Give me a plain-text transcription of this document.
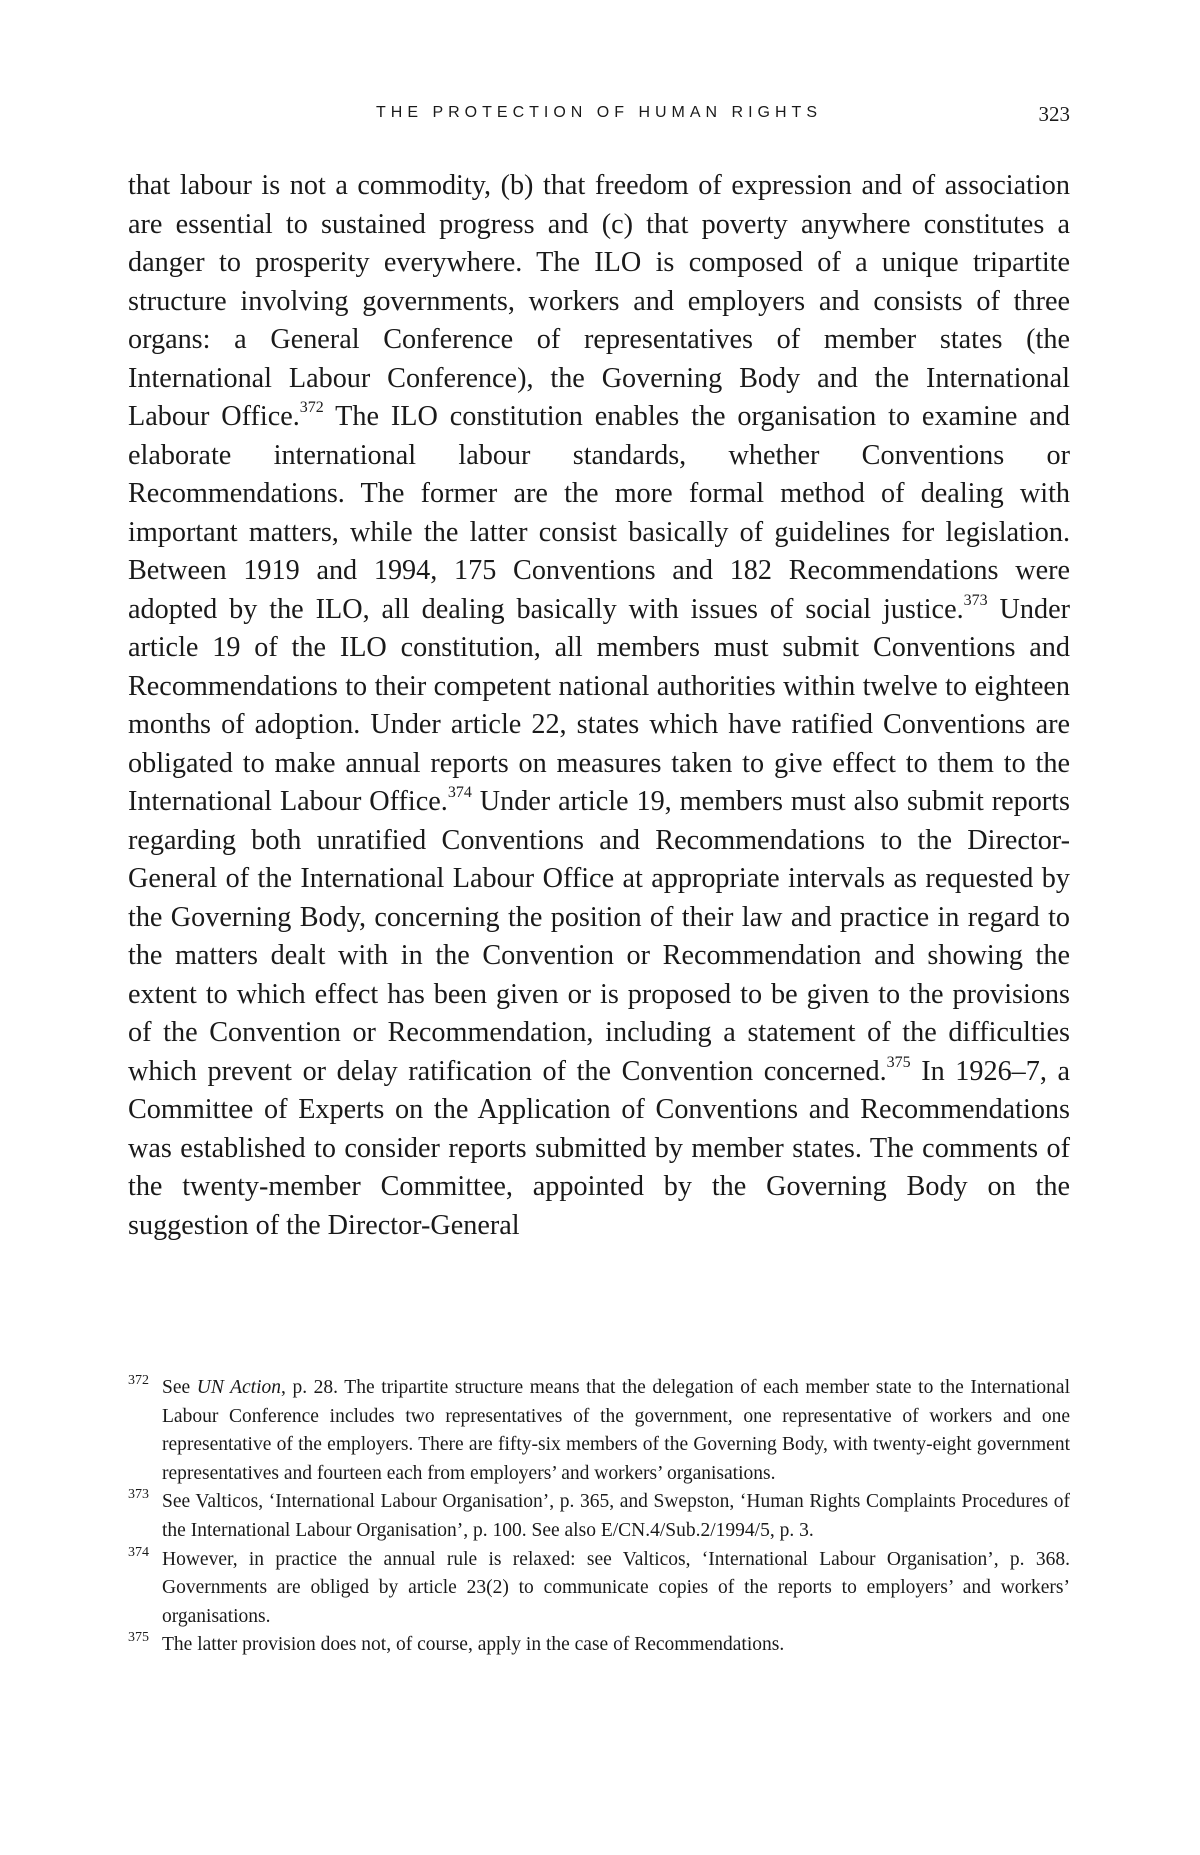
THE PROTECTION OF HUMAN RIGHTS	323

that labour is not a commodity, (b) that freedom of expression and of association are essential to sustained progress and (c) that poverty anywhere constitutes a danger to prosperity everywhere. The ILO is composed of a unique tripartite structure involving governments, workers and employers and consists of three organs: a General Conference of representatives of member states (the International Labour Conference), the Governing Body and the International Labour Office.$^{372}$ The ILO constitution enables the organisation to examine and elaborate international labour standards, whether Conventions or Recommendations. The former are the more formal method of dealing with important matters, while the latter consist basically of guidelines for legislation. Between 1919 and 1994, 175 Conventions and 182 Recommendations were adopted by the ILO, all dealing basically with issues of social justice.$^{373}$ Under article 19 of the ILO constitution, all members must submit Conventions and Recommendations to their competent national authorities within twelve to eighteen months of adoption. Under article 22, states which have ratified Conventions are obligated to make annual reports on measures taken to give effect to them to the International Labour Office.$^{374}$ Under article 19, members must also submit reports regarding both unratified Conventions and Recommendations to the Director-General of the International Labour Office at appropriate intervals as requested by the Governing Body, concerning the position of their law and practice in regard to the matters dealt with in the Convention or Recommendation and showing the extent to which effect has been given or is proposed to be given to the provisions of the Convention or Recommendation, including a statement of the difficulties which prevent or delay ratification of the Convention concerned.$^{375}$ In 1926–7, a Committee of Experts on the Application of Conventions and Recommendations was established to consider reports submitted by member states. The comments of the twenty-member Committee, appointed by the Governing Body on the suggestion of the Director-General

372 See UN Action, p. 28. The tripartite structure means that the delegation of each member state to the International Labour Conference includes two representatives of the government, one representative of workers and one representative of the employers. There are fifty-six members of the Governing Body, with twenty-eight government representatives and fourteen each from employers’ and workers’ organisations.
373 See Valticos, ‘International Labour Organisation’, p. 365, and Swepston, ‘Human Rights Complaints Procedures of the International Labour Organisation’, p. 100. See also E/CN.4/Sub.2/1994/5, p. 3.
374 However, in practice the annual rule is relaxed: see Valticos, ‘International Labour Organisation’, p. 368. Governments are obliged by article 23(2) to communicate copies of the reports to employers’ and workers’ organisations.
375 The latter provision does not, of course, apply in the case of Recommendations.
